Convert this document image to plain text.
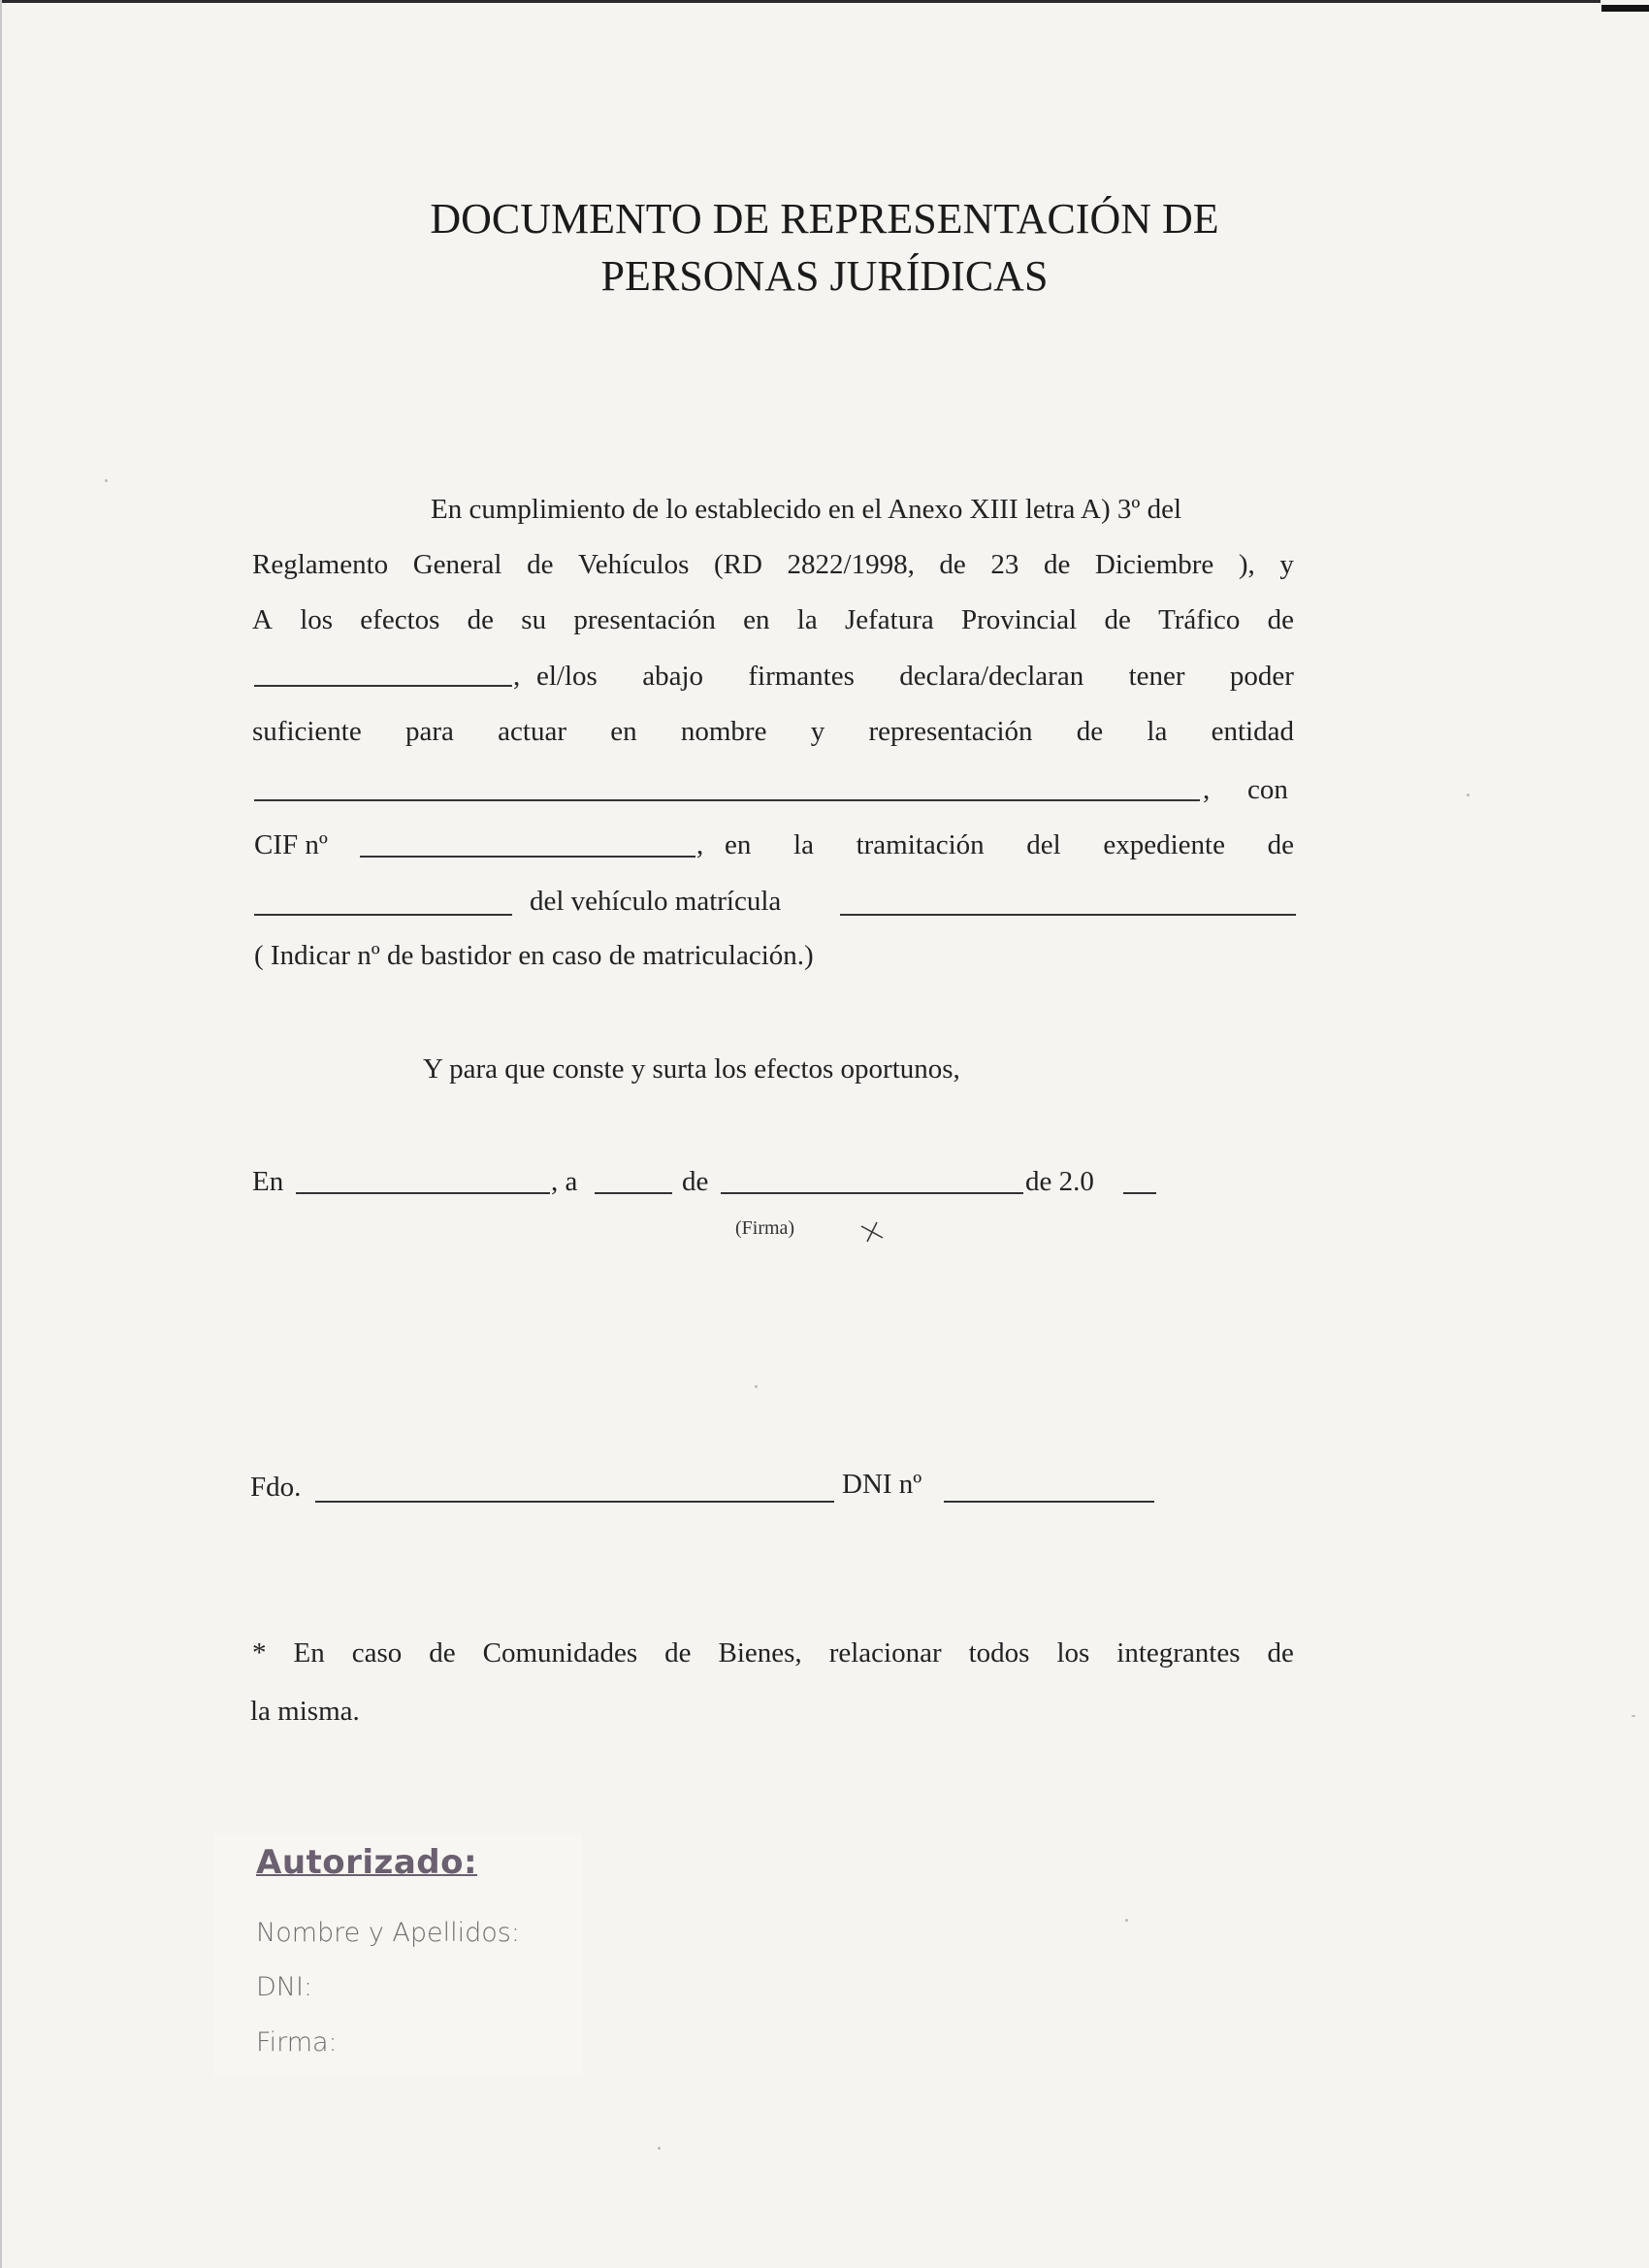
DOCUMENTO DE REPRESENTACIÓN DE
PERSONAS JURÍDICAS
En cumplimiento de lo establecido en el Anexo XIII letra A) 3º del
Reglamento General de Vehículos (RD 2822/1998, de 23 de Diciembre ), y
A los efectos de su presentación en la Jefatura Provincial de Tráfico de
, el/los abajo firmantes declara/declaran tener poder
suficiente para actuar en nombre y representación de la entidad
, con
CIF nº	, en la tramitación del expediente de
del vehículo matrícula
( Indicar nº de bastidor en caso de matriculación.)
Y para que conste y surta los efectos oportunos,
En	, a	de	de 2.0
(Firma)
Fdo.	DNI nº
* En caso de Comunidades de Bienes, relacionar todos los integrantes de
la misma.
Autorizado:
Nombre y Apellidos:
DNI:
Firma:
